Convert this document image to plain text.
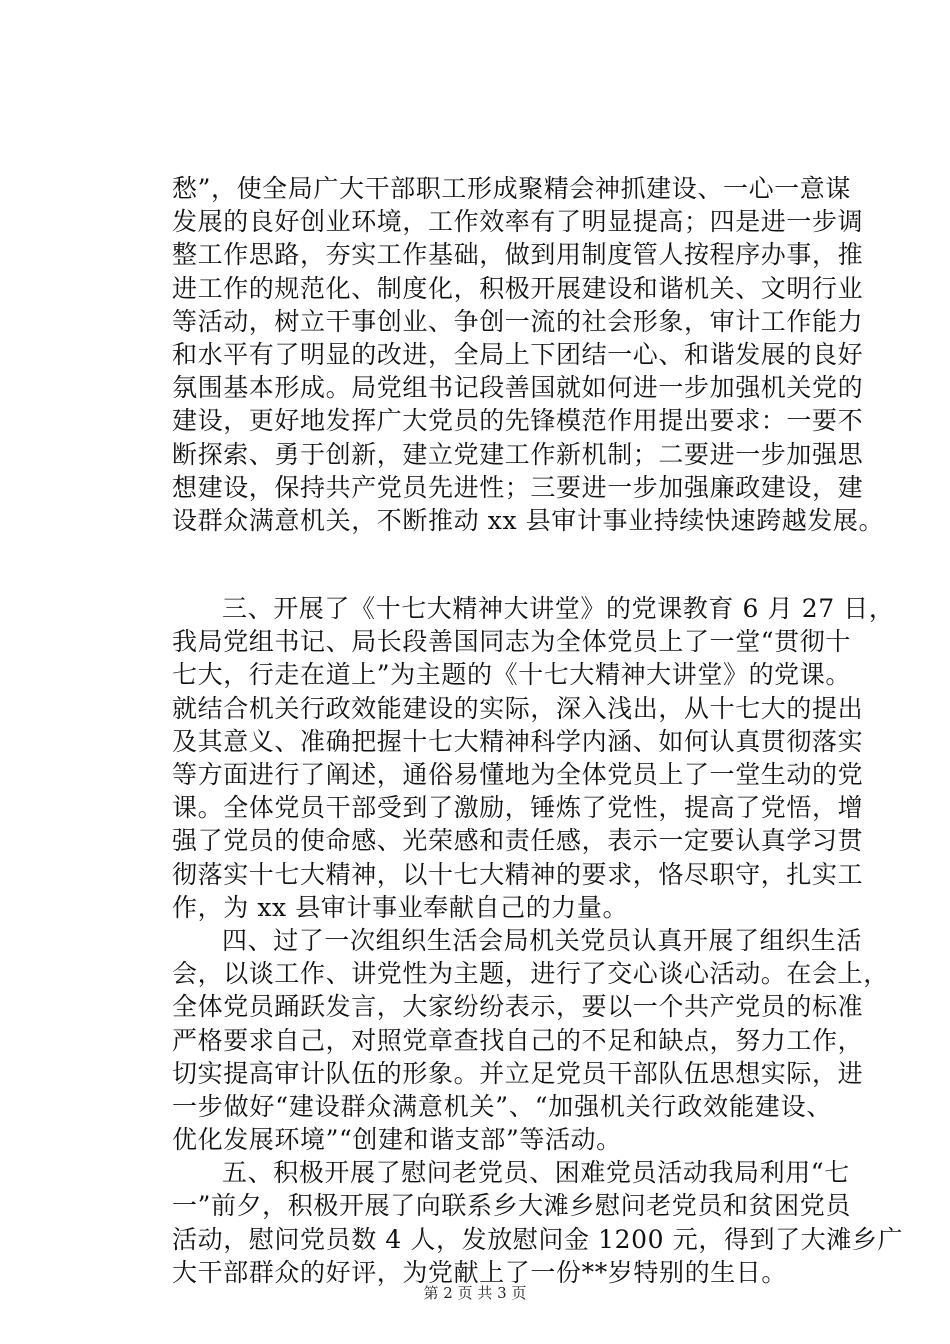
愁”，使全局广大干部职工形成聚精会神抓建设、一心一意谋
发展的良好创业环境，工作效率有了明显提高；四是进一步调
整工作思路，夯实工作基础，做到用制度管人按程序办事，推
进工作的规范化、制度化，积极开展建设和谐机关、文明行业
等活动，树立干事创业、争创一流的社会形象，审计工作能力
和水平有了明显的改进，全局上下团结一心、和谐发展的良好
氛围基本形成。局党组书记段善国就如何进一步加强机关党的
建设，更好地发挥广大党员的先锋模范作用提出要求：一要不
断探索、勇于创新，建立党建工作新机制；二要进一步加强思
想建设，保持共产党员先进性；三要进一步加强廉政建设，建
设群众满意机关，不断推动 xx 县审计事业持续快速跨越发展。
三、开展了《十七大精神大讲堂》的党课教育 6 月 27 日，
我局党组书记、局长段善国同志为全体党员上了一堂“贯彻十
七大，行走在道上”为主题的《十七大精神大讲堂》的党课。
就结合机关行政效能建设的实际，深入浅出，从十七大的提出
及其意义、准确把握十七大精神科学内涵、如何认真贯彻落实
等方面进行了阐述，通俗易懂地为全体党员上了一堂生动的党
课。全体党员干部受到了激励，锤炼了党性，提高了党悟，增
强了党员的使命感、光荣感和责任感，表示一定要认真学习贯
彻落实十七大精神，以十七大精神的要求，恪尽职守，扎实工
作，为 xx 县审计事业奉献自己的力量。
四、过了一次组织生活会局机关党员认真开展了组织生活
会，以谈工作、讲党性为主题，进行了交心谈心活动。在会上，
全体党员踊跃发言，大家纷纷表示，要以一个共产党员的标准
严格要求自己，对照党章查找自己的不足和缺点，努力工作，
切实提高审计队伍的形象。并立足党员干部队伍思想实际，进
一步做好“建设群众满意机关”、“加强机关行政效能建设、
优化发展环境”“创建和谐支部”等活动。
五、积极开展了慰问老党员、困难党员活动我局利用“七
一”前夕，积极开展了向联系乡大滩乡慰问老党员和贫困党员
活动，慰问党员数 4 人，发放慰问金 1200 元，得到了大滩乡广
大干部群众的好评，为党献上了一份**岁特别的生日。
第 2 页 共 3 页
